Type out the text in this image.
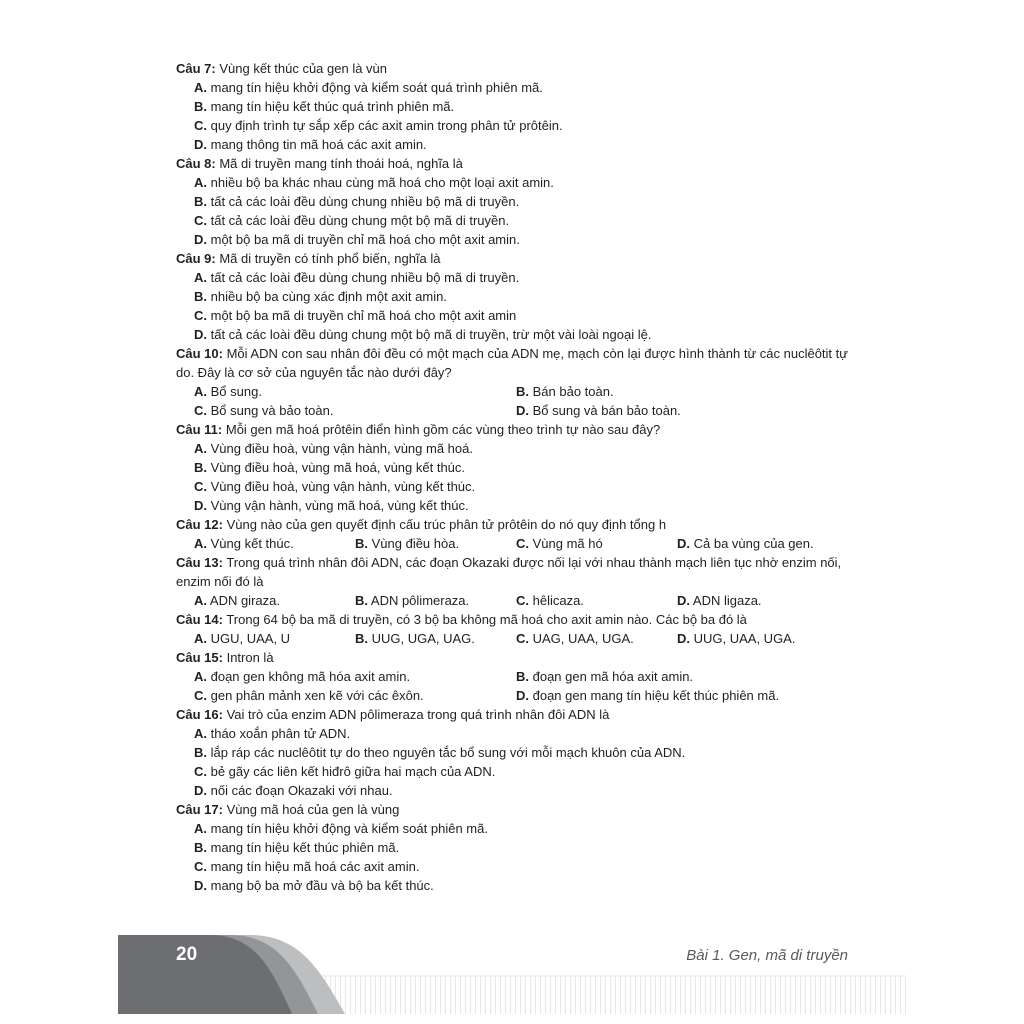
Câu 7: Vùng kết thúc của gen là vùn
A. mang tín hiệu khởi động và kiểm soát quá trình phiên mã.
B. mang tín hiệu kết thúc quá trình phiên mã.
C. quy định trình tự sắp xếp các axit amin trong phân tử prôtêin.
D. mang thông tin mã hoá các axit amin.
Câu 8: Mã di truyền mang tính thoái hoá, nghĩa là
A. nhiều bộ ba khác nhau cùng mã hoá cho một loại axit amin.
B. tất cả các loài đều dùng chung nhiều bộ mã di truyền.
C. tất cả các loài đều dùng chung một bộ mã di truyền.
D. một bộ ba mã di truyền chỉ mã hoá cho một axit amin.
Câu 9: Mã di truyền có tính phổ biến, nghĩa là
A. tất cả các loài đều dùng chung nhiều bộ mã di truyền.
B. nhiều bộ ba cùng xác định một axit amin.
C. một bộ ba mã di truyền chỉ mã hoá cho một axit amin
D. tất cả các loài đều dùng chung một bộ mã di truyền, trừ một vài loài ngoại lệ.
Câu 10: Mỗi ADN con sau nhân đôi đều có một mạch của ADN mẹ, mạch còn lại được hình thành từ các nuclêôtit tự do. Đây là cơ sở của nguyên tắc nào dưới đây?
A. Bổ sung.	B. Bán bảo toàn.
C. Bổ sung và bảo toàn.	D. Bổ sung và bán bảo toàn.
Câu 11: Mỗi gen mã hoá prôtêin điển hình gồm các vùng theo trình tự nào sau đây?
A. Vùng điều hoà, vùng vận hành, vùng mã hoá.
B. Vùng điều hoà, vùng mã hoá, vùng kết thúc.
C. Vùng điều hoà, vùng vận hành, vùng kết thúc.
D. Vùng vận hành, vùng mã hoá, vùng kết thúc.
Câu 12: Vùng nào của gen quyết định cấu trúc phân tử prôtêin do nó quy định tổng h
A. Vùng kết thúc.	B. Vùng điều hòa.	C. Vùng mã hó	D. Cả ba vùng của gen.
Câu 13: Trong quá trình nhân đôi ADN, các đoạn Okazaki được nối lại với nhau thành mạch liên tục nhờ enzim nối, enzim nối đó là
A. ADN giraza.	B. ADN pôlimeraza.	C. hêlicaza.	D. ADN ligaza.
Câu 14: Trong 64 bộ ba mã di truyền, có 3 bộ ba không mã hoá cho axit amin nào. Các bộ ba đó là
A. UGU, UAA, U	B. UUG, UGA, UAG.	C. UAG, UAA, UGA.	D. UUG, UAA, UGA.
Câu 15: Intron là
A. đoạn gen không mã hóa axit amin.	B. đoạn gen mã hóa axit amin.
C. gen phân mảnh xen kẽ với các êxôn.	D. đoạn gen mang tín hiệu kết thúc phiên mã.
Câu 16: Vai trò của enzim ADN pôlimeraza trong quá trình nhân đôi ADN là
A. tháo xoắn phân tử ADN.
B. lắp ráp các nuclêôtit tự do theo nguyên tắc bổ sung với mỗi mạch khuôn của ADN.
C. bẻ gãy các liên kết hiđrô giữa hai mạch của ADN.
D. nối các đoạn Okazaki với nhau.
Câu 17: Vùng mã hoá của gen là vùng
A. mang tín hiệu khởi động và kiểm soát phiên mã.
B. mang tín hiệu kết thúc phiên mã.
C. mang tín hiệu mã hoá các axit amin.
D. mang bộ ba mở đầu và bộ ba kết thúc.
20	Bài 1. Gen, mã di truyền
